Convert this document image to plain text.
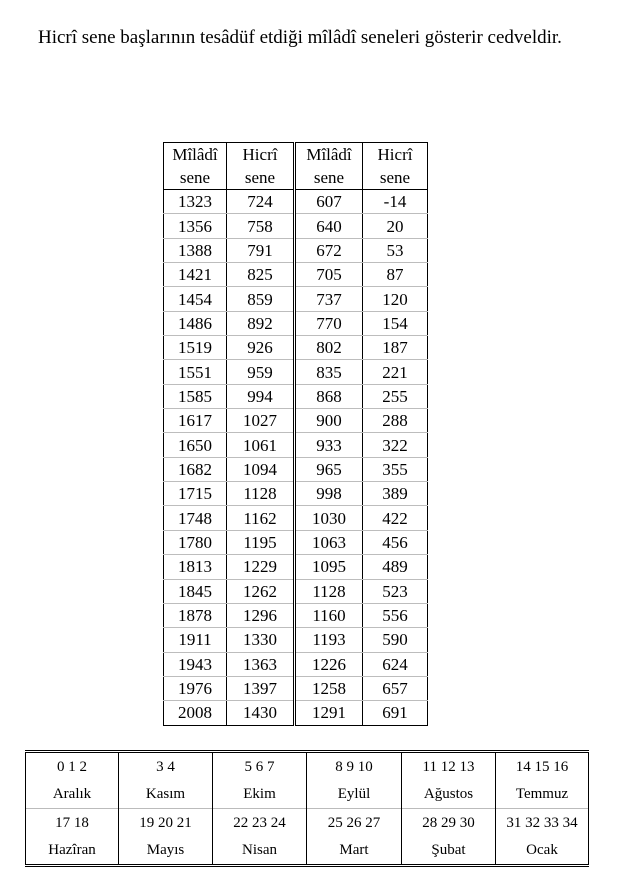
Hicrî sene başlarının tesâdüf etdiği mîlâdî seneleri gösterir cedveldir.

Mîlâdî	Hicrî	Mîlâdî	Hicrî
sene	sene	sene	sene
1323	724	607	-14
1356	758	640	20
1388	791	672	53
1421	825	705	87
1454	859	737	120
1486	892	770	154
1519	926	802	187
1551	959	835	221
1585	994	868	255
1617	1027	900	288
1650	1061	933	322
1682	1094	965	355
1715	1128	998	389
1748	1162	1030	422
1780	1195	1063	456
1813	1229	1095	489
1845	1262	1128	523
1878	1296	1160	556
1911	1330	1193	590
1943	1363	1226	624
1976	1397	1258	657
2008	1430	1291	691
0 1 2	3 4	5 6 7	8 9 10	11 12 13	14 15 16
Aralık	Kasım	Ekim	Eylül	Ağustos	Temmuz
17 18	19 20 21	22 23 24	25 26 27	28 29 30	31 32 33 34
Hazîran	Mayıs	Nisan	Mart	Şubat	Ocak
